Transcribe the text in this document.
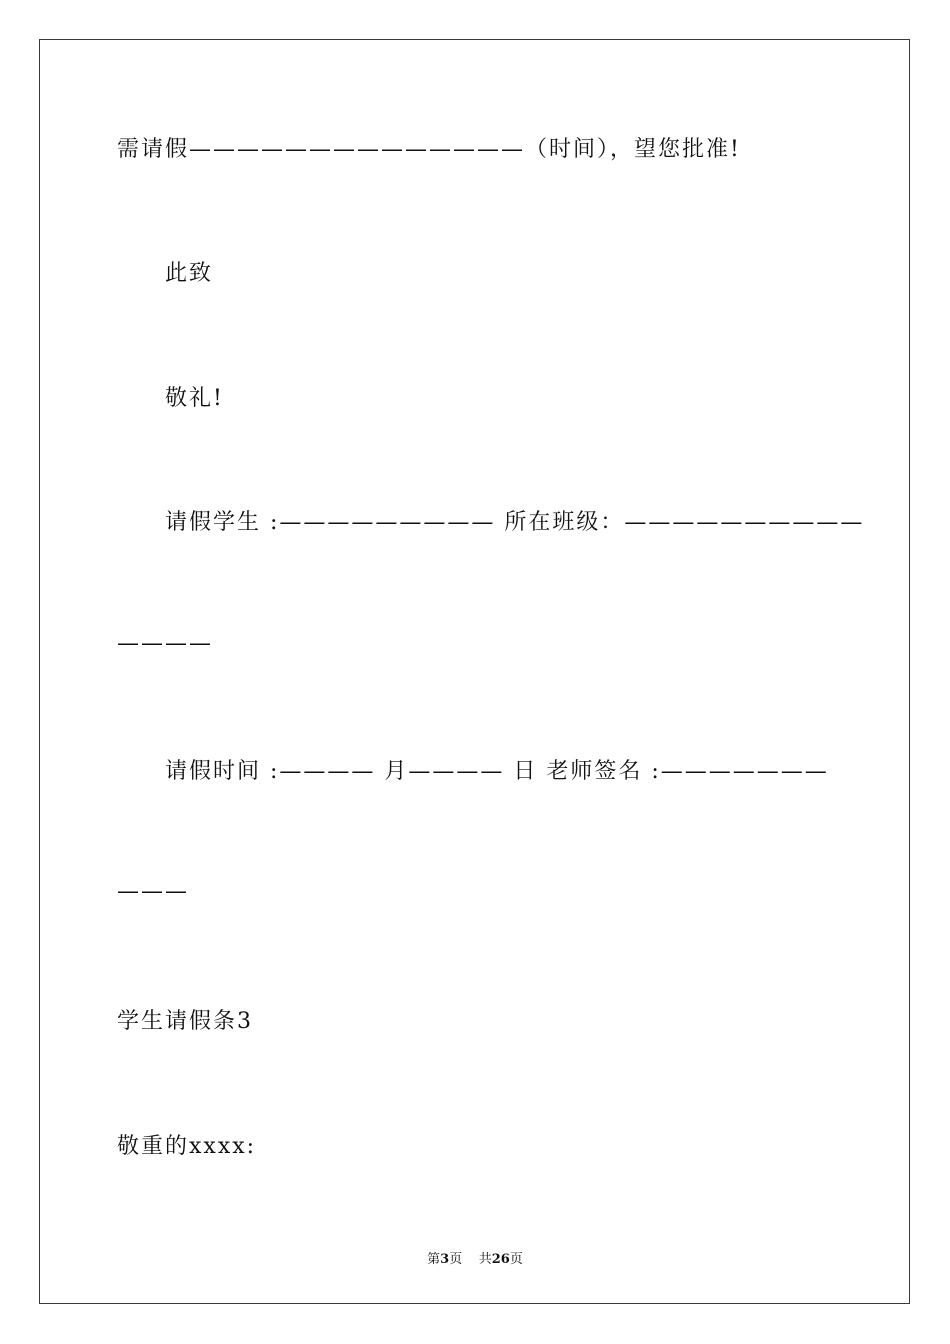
需请假——————————————（时间），望您批准!
此致
敬礼!
请假学生 :————————— 所在班级：——————————
————
请假时间 :———— 月———— 日 老师签名 :———————
———
学生请假条3
敬重的xxxx:
第3页 共26页
